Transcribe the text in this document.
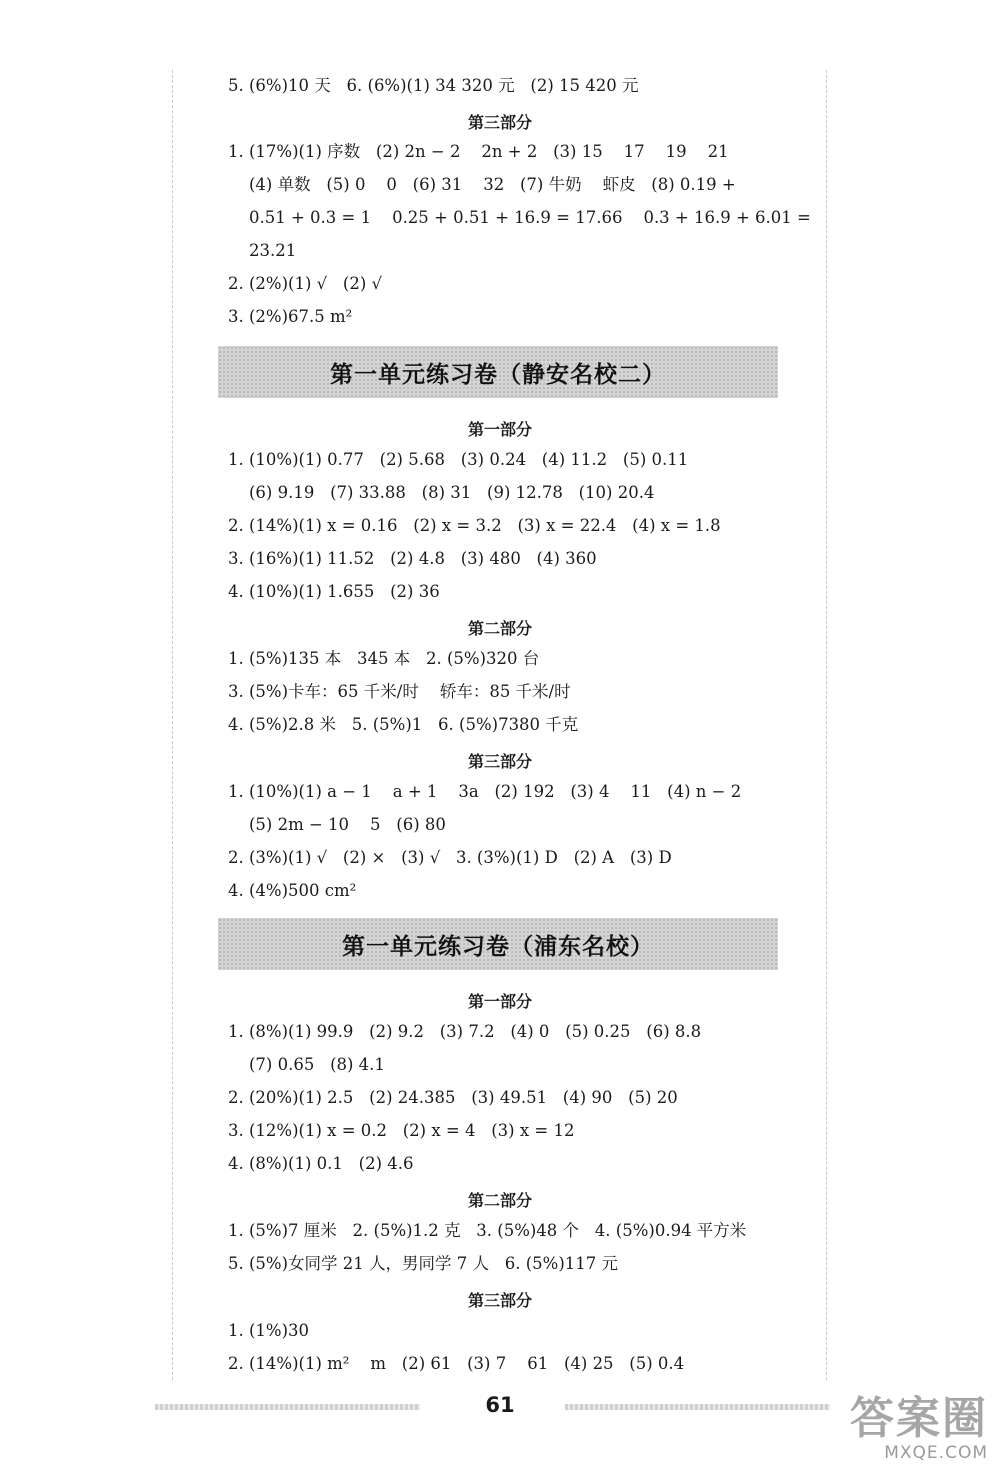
5. (6%)10 天   6. (6%)(1) 34 320 元   (2) 15 420 元
第三部分
1. (17%)(1) 序数   (2) 2n − 2    2n + 2   (3) 15    17    19    21
(4) 单数   (5) 0    0   (6) 31    32   (7) 牛奶    虾皮   (8) 0.19 +
0.51 + 0.3 = 1    0.25 + 0.51 + 16.9 = 17.66    0.3 + 16.9 + 6.01 =
23.21
2. (2%)(1) √   (2) √
3. (2%)67.5 m²
第一单元练习卷（静安名校二）
第一部分
1. (10%)(1) 0.77   (2) 5.68   (3) 0.24   (4) 11.2   (5) 0.11
(6) 9.19   (7) 33.88   (8) 31   (9) 12.78   (10) 20.4
2. (14%)(1) x = 0.16   (2) x = 3.2   (3) x = 22.4   (4) x = 1.8
3. (16%)(1) 11.52   (2) 4.8   (3) 480   (4) 360
4. (10%)(1) 1.655   (2) 36
第二部分
1. (5%)135 本   345 本   2. (5%)320 台
3. (5%)卡车：65 千米/时    轿车：85 千米/时
4. (5%)2.8 米   5. (5%)1   6. (5%)7380 千克
第三部分
1. (10%)(1) a − 1    a + 1    3a   (2) 192   (3) 4    11   (4) n − 2
(5) 2m − 10    5   (6) 80
2. (3%)(1) √   (2) ×   (3) √   3. (3%)(1) D   (2) A   (3) D
4. (4%)500 cm²
第一单元练习卷（浦东名校）
第一部分
1. (8%)(1) 99.9   (2) 9.2   (3) 7.2   (4) 0   (5) 0.25   (6) 8.8
(7) 0.65   (8) 4.1
2. (20%)(1) 2.5   (2) 24.385   (3) 49.51   (4) 90   (5) 20
3. (12%)(1) x = 0.2   (2) x = 4   (3) x = 12
4. (8%)(1) 0.1   (2) 4.6
第二部分
1. (5%)7 厘米   2. (5%)1.2 克   3. (5%)48 个   4. (5%)0.94 平方米
5. (5%)女同学 21 人，男同学 7 人   6. (5%)117 元
第三部分
1. (1%)30
2. (14%)(1) m²    m   (2) 61   (3) 7    61   (4) 25   (5) 0.4
61	答案圈
MXQE.COM
